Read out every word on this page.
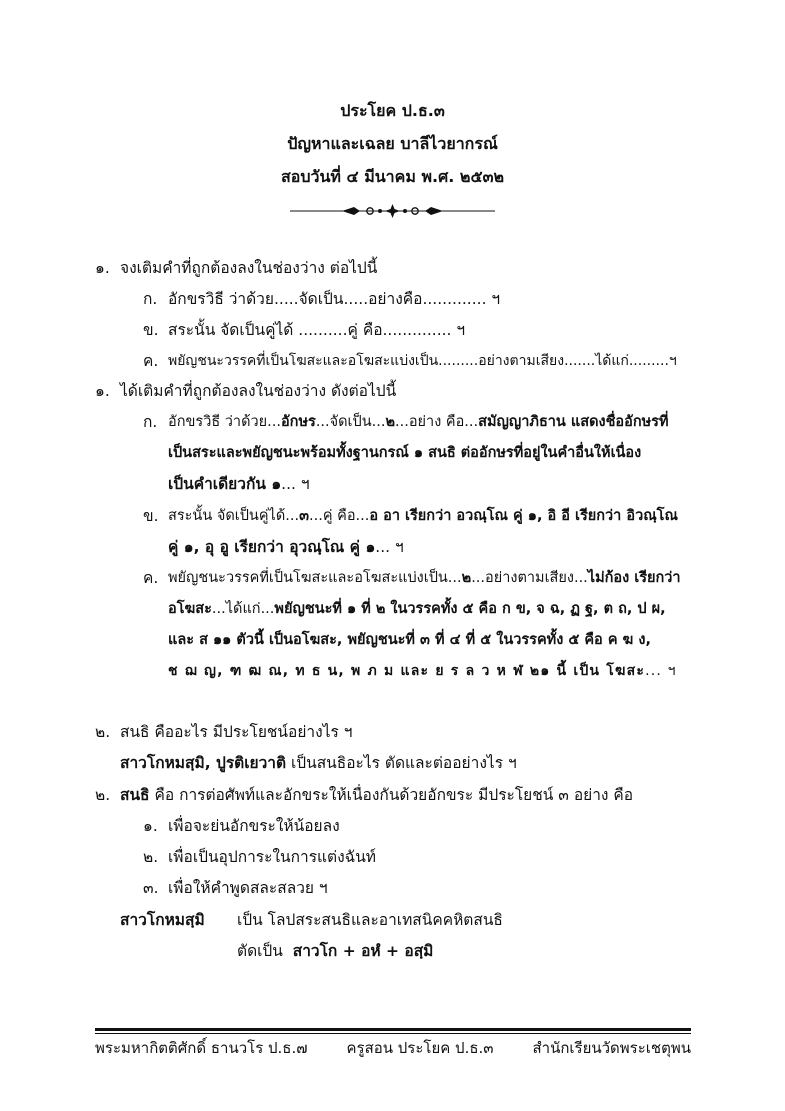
ประโยค ป.ธ.๓
ปัญหาและเฉลย บาลีไวยากรณ์
สอบวันที่ ๔ มีนาคม พ.ศ. ๒๕๓๒
๑. จงเติมคำที่ถูกต้องลงในช่องว่าง ต่อไปนี้
ก. อักขรวิธี ว่าด้วย.....จัดเป็น.....อย่างคือ............. ฯ
ข. สระนั้น จัดเป็นคู่ได้ ..........คู่ คือ.............. ฯ
ค. พยัญชนะวรรคที่เป็นโฆสะและอโฆสะแบ่งเป็น.........อย่างตามเสียง.......ได้แก่.........ฯ
๑. ได้เติมคำที่ถูกต้องลงในช่องว่าง ดังต่อไปนี้
ก. อักขรวิธี ว่าด้วย...อักษร...จัดเป็น...๒...อย่าง คือ...สมัญญาภิธาน แสดงชื่ออักษรที่
เป็นสระและพยัญชนะพร้อมทั้งฐานกรณ์ ๑ สนธิ ต่ออักษรที่อยู่ในคำอื่นให้เนื่อง
เป็นคำเดียวกัน ๑... ฯ
ข. สระนั้น จัดเป็นคู่ได้...๓...คู่ คือ...อ อา เรียกว่า อวณฺโณ คู่ ๑, อิ อี เรียกว่า อิวณฺโณ
คู่ ๑, อุ อู เรียกว่า อุวณฺโณ คู่ ๑... ฯ
ค. พยัญชนะวรรคที่เป็นโฆสะและอโฆสะแบ่งเป็น...๒...อย่างตามเสียง...ไม่ก้อง เรียกว่า
อโฆสะ...ได้แก่...พยัญชนะที่ ๑ ที่ ๒ ในวรรคทั้ง ๕ คือ ก ข, จ ฉ, ฏ ฐ, ต ถ, ป ผ,
และ ส ๑๑ ตัวนี้ เป็นอโฆสะ, พยัญชนะที่ ๓ ที่ ๔ ที่ ๕ ในวรรคทั้ง ๕ คือ ค ฆ ง,
ช ฌ ญ, ฑ ฒ ณ, ท ธ น, พ ภ ม และ ย ร ล ว ห ฬ ๒๑ นี้ เป็น โฆสะ... ฯ
๒. สนธิ คืออะไร มีประโยชน์อย่างไร ฯ
สาวโกหมสฺมิ, ปูรติเยวาติ เป็นสนธิอะไร ตัดและต่ออย่างไร ฯ
๒. สนธิ คือ การต่อศัพท์และอักขระให้เนื่องกันด้วยอักขระ มีประโยชน์ ๓ อย่าง คือ
๑. เพื่อจะย่นอักขระให้น้อยลง
๒. เพื่อเป็นอุปการะในการแต่งฉันท์
๓. เพื่อให้คำพูดสละสลวย ฯ
สาวโกหมสฺมิ เป็น โลปสระสนธิและอาเทสนิคคหิตสนธิ
ตัดเป็น สาวโก + อหํ + อสฺมิ
พระมหากิตติศักดิ์ ธานวโร ป.ธ.๗	ครูสอน ประโยค ป.ธ.๓	สำนักเรียนวัดพระเชตุพน
